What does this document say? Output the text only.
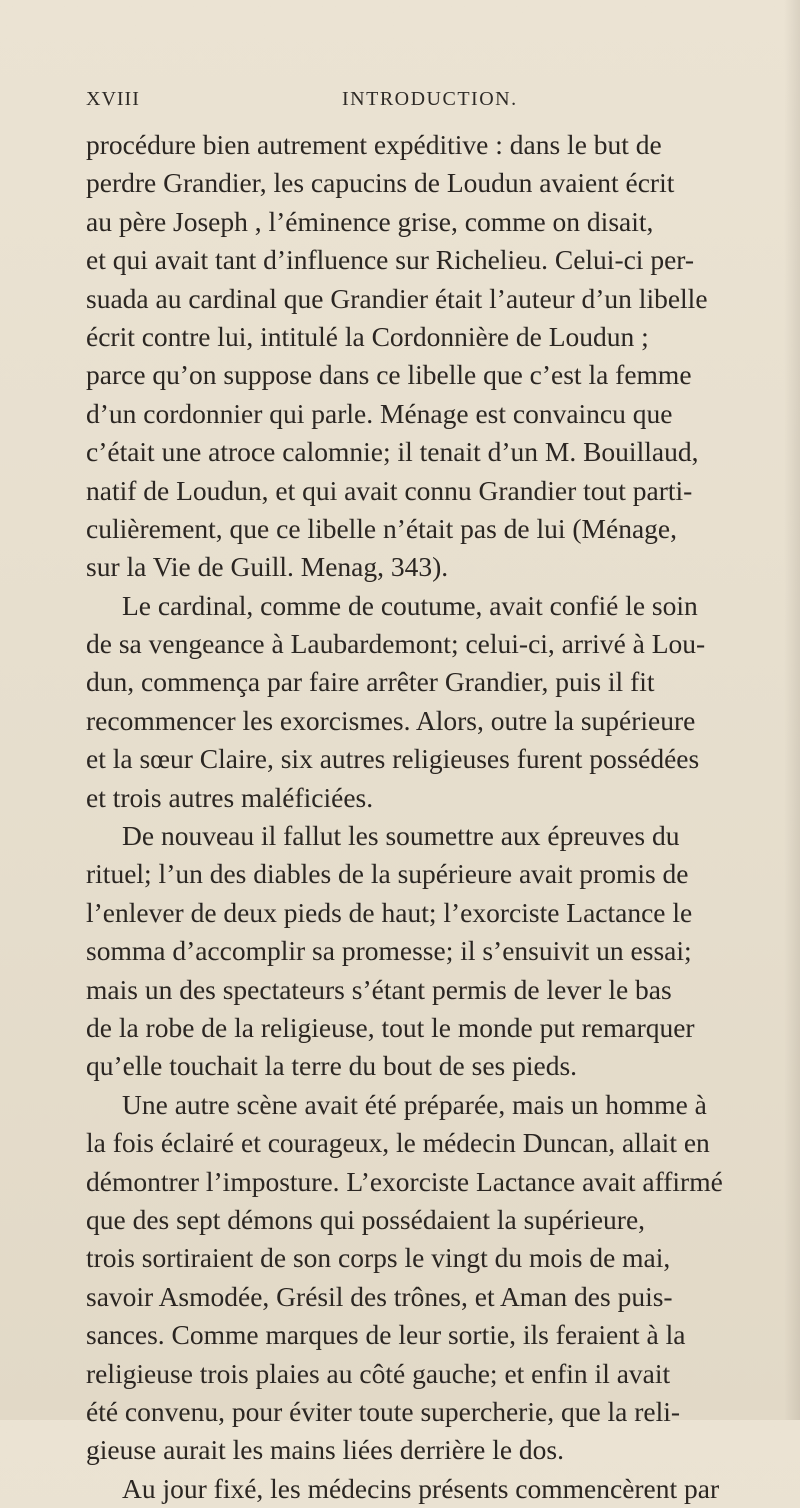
XVIII	INTRODUCTION.
procédure bien autrement expéditive : dans le but de
perdre Grandier, les capucins de Loudun avaient écrit
au père Joseph , l’éminence grise, comme on disait,
et qui avait tant d’influence sur Richelieu. Celui-ci per-
suada au cardinal que Grandier était l’auteur d’un libelle
écrit contre lui, intitulé la Cordonnière de Loudun ;
parce qu’on suppose dans ce libelle que c’est la femme
d’un cordonnier qui parle. Ménage est convaincu que
c’était une atroce calomnie; il tenait d’un M. Bouillaud,
natif de Loudun, et qui avait connu Grandier tout parti-
culièrement, que ce libelle n’était pas de lui (Ménage,
sur la Vie de Guill. Menag, 343).
Le cardinal, comme de coutume, avait confié le soin
de sa vengeance à Laubardemont; celui-ci, arrivé à Lou-
dun, commença par faire arrêter Grandier, puis il fit
recommencer les exorcismes. Alors, outre la supérieure
et la sœur Claire, six autres religieuses furent possédées
et trois autres maléficiées.
De nouveau il fallut les soumettre aux épreuves du
rituel; l’un des diables de la supérieure avait promis de
l’enlever de deux pieds de haut; l’exorciste Lactance le
somma d’accomplir sa promesse; il s’ensuivit un essai;
mais un des spectateurs s’étant permis de lever le bas
de la robe de la religieuse, tout le monde put remarquer
qu’elle touchait la terre du bout de ses pieds.
Une autre scène avait été préparée, mais un homme à
la fois éclairé et courageux, le médecin Duncan, allait en
démontrer l’imposture. L’exorciste Lactance avait affirmé
que des sept démons qui possédaient la supérieure,
trois sortiraient de son corps le vingt du mois de mai,
savoir Asmodée, Grésil des trônes, et Aman des puis-
sances. Comme marques de leur sortie, ils feraient à la
religieuse trois plaies au côté gauche; et enfin il avait
été convenu, pour éviter toute supercherie, que la reli-
gieuse aurait les mains liées derrière le dos.
Au jour fixé, les médecins présents commencèrent par
